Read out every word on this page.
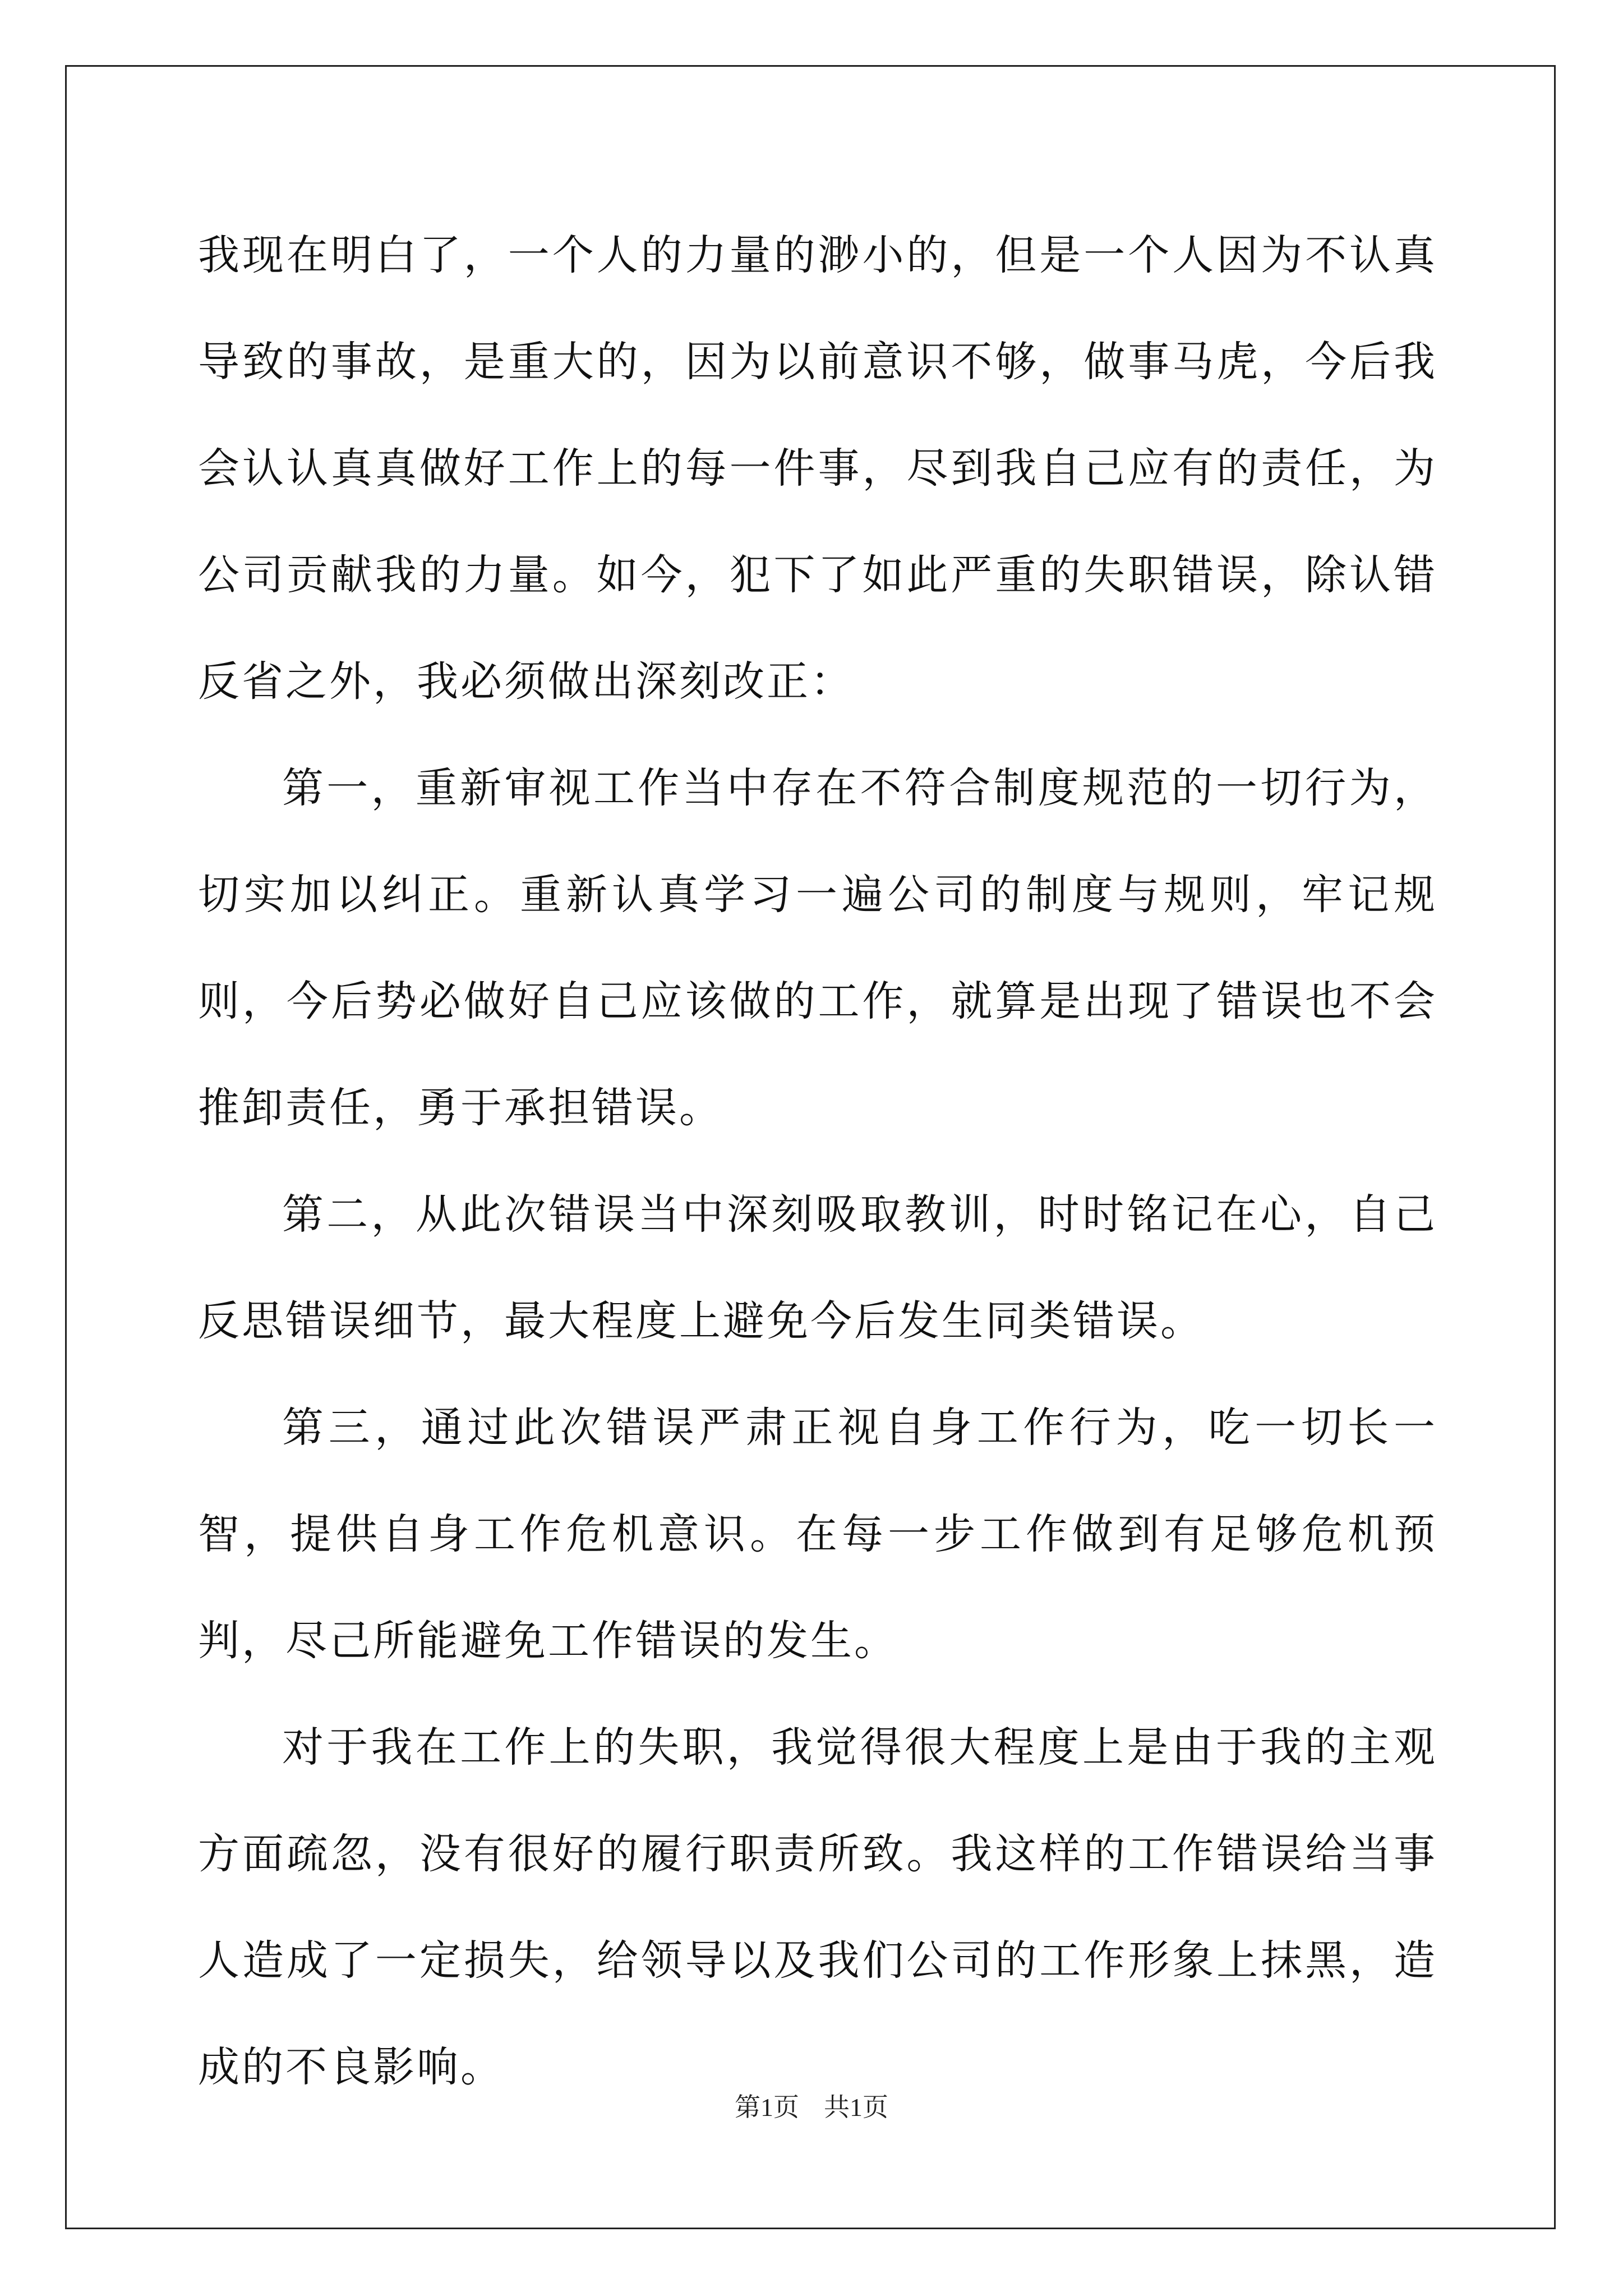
我现在明白了，一个人的力量的渺小的，但是一个人因为不认真导致的事故，是重大的，因为以前意识不够，做事马虎，今后我会认认真真做好工作上的每一件事，尽到我自己应有的责任，为公司贡献我的力量。如今，犯下了如此严重的失职错误，除认错反省之外，我必须做出深刻改正：

第一，重新审视工作当中存在不符合制度规范的一切行为，切实加以纠正。重新认真学习一遍公司的制度与规则，牢记规则，今后势必做好自己应该做的工作，就算是出现了错误也不会推卸责任，勇于承担错误。

第二，从此次错误当中深刻吸取教训，时时铭记在心，自己反思错误细节，最大程度上避免今后发生同类错误。

第三，通过此次错误严肃正视自身工作行为，吃一切长一智，提供自身工作危机意识。在每一步工作做到有足够危机预判，尽己所能避免工作错误的发生。

对于我在工作上的失职，我觉得很大程度上是由于我的主观方面疏忽，没有很好的履行职责所致。我这样的工作错误给当事人造成了一定损失，给领导以及我们公司的工作形象上抹黑，造成的不良影响。

第1页 共1页
